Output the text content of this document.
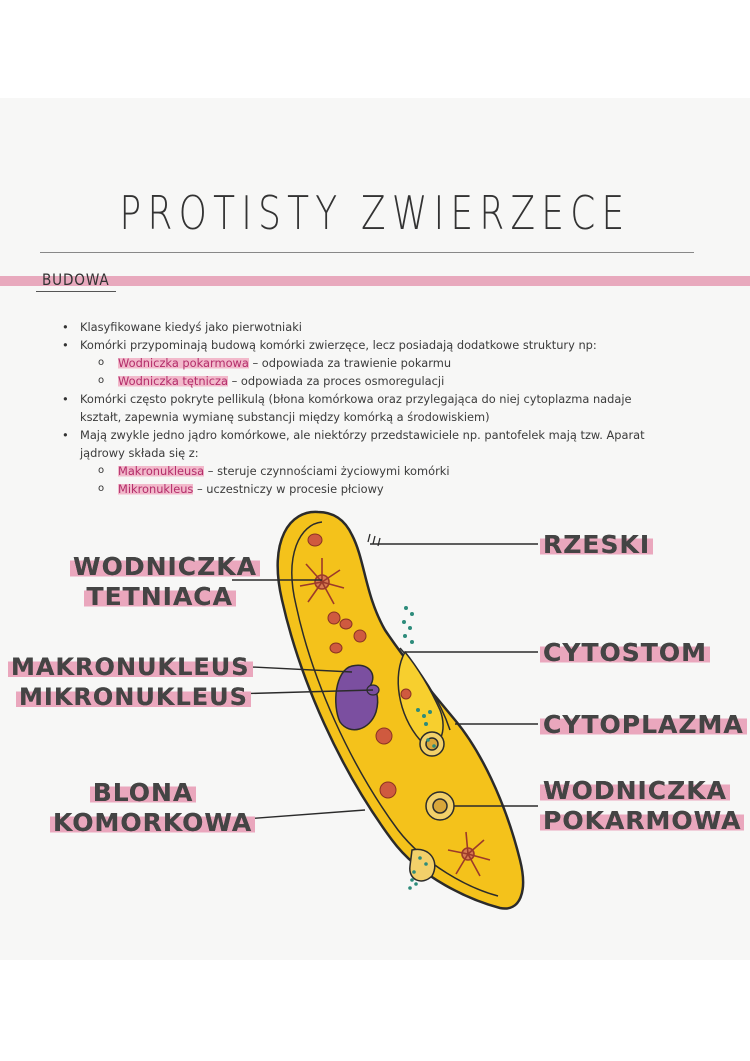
PROTISTY ZWIERZECE
BUDOWA
• Klasyfikowane kiedyś jako pierwotniaki
• Komórki przypominają budową komórki zwierzęce, lecz posiadają dodatkowe struktury np:
o Wodniczka pokarmowa – odpowiada za trawienie pokarmu
o Wodniczka tętnicza – odpowiada za proces osmoregulacji
• Komórki często pokryte pellikulą (błona komórkowa oraz przylegająca do niej cytoplazma nadaje
kształt, zapewnia wymianę substancji między komórką a środowiskiem)
• Mają zwykle jedno jądro komórkowe, ale niektórzy przedstawiciele np. pantofelek mają tzw. Aparat
jądrowy składa się z:
o Makronukleusa – steruje czynnościami życiowymi komórki
o Mikronukleus – uczestniczy w procesie płciowy
WODNICZKA
TETNIACA
MAKRONUKLEUS
MIKRONUKLEUS
BLONA
KOMORKOWA
RZESKI
CYTOSTOM
CYTOPLAZMA
WODNICZKA
POKARMOWA
